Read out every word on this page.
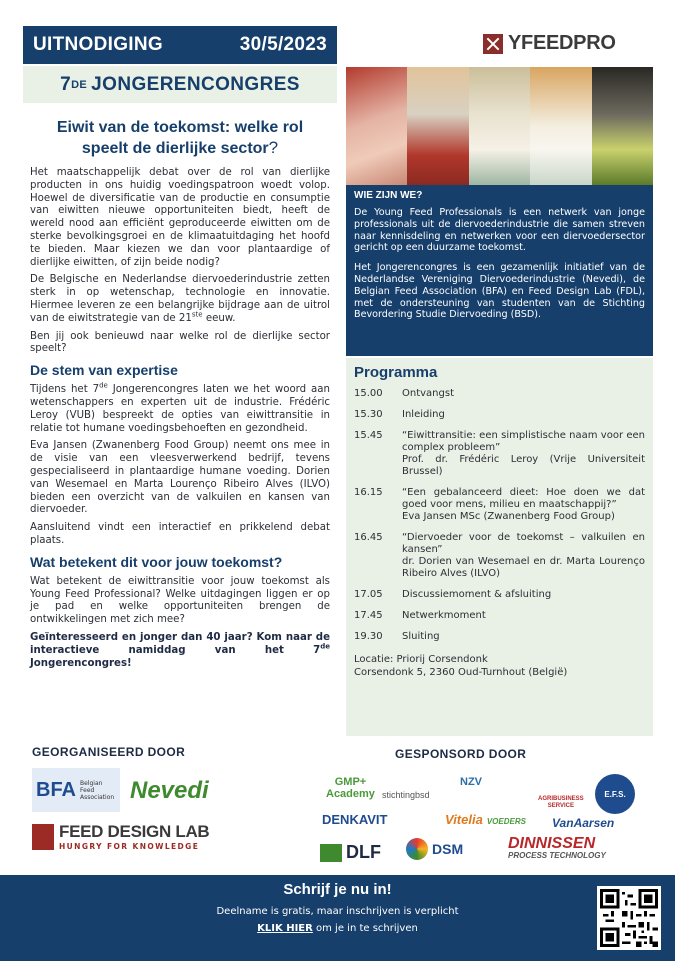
UITNODIGING	30/5/2023	YFEEDPRO
7 DE JONGERENCONGRES
Eiwit van de toekomst: welke rol
speelt de dierlijke sector?

Het maatschappelijk debat over de rol van dierlijke producten in ons huidig voedingspatroon woedt volop. Hoewel de diversificatie van de productie en consumptie van eiwitten nieuwe opportuniteiten biedt, heeft de wereld nood aan efficiënt geproduceerde eiwitten om de sterke bevolkingsgroei en de klimaatuitdaging het hoofd te bieden. Maar kiezen we dan voor plantaardige of dierlijke eiwitten, of zijn beide nodig?

De Belgische en Nederlandse diervoederindustrie zetten sterk in op wetenschap, technologie en innovatie. Hiermee leveren ze een belangrijke bijdrage aan de uitrol van de eiwitstrategie van de 21ste eeuw.

Ben jij ook benieuwd naar welke rol de dierlijke sector speelt?

De stem van expertise

Tijdens het 7de Jongerencongres laten we het woord aan wetenschappers en experten uit de industrie. Frédéric Leroy (VUB) bespreekt de opties van eiwittransitie in relatie tot humane voedingsbehoeften en gezondheid.

Eva Jansen (Zwanenberg Food Group) neemt ons mee in de visie van een vleesverwerkend bedrijf, tevens gespecialiseerd in plantaardige humane voeding. Dorien van Wesemael en Marta Lourenço Ribeiro Alves (ILVO) bieden een overzicht van de valkuilen en kansen van diervoeder.

Aansluitend vindt een interactief en prikkelend debat plaats.

Wat betekent dit voor jouw toekomst?

Wat betekent de eiwittransitie voor jouw toekomst als Young Feed Professional? Welke uitdagingen liggen er op je pad en welke opportuniteiten brengen de ontwikkelingen met zich mee?

Geïnteresseerd en jonger dan 40 jaar? Kom naar de interactieve namiddag van het 7de Jongerencongres!

WIE ZIJN WE?

De Young Feed Professionals is een netwerk van jonge professionals uit de diervoederindustrie die samen streven naar kennisdeling en netwerken voor een diervoedersector gericht op een duurzame toekomst.

Het Jongerencongres is een gezamenlijk initiatief van de Nederlandse Vereniging Diervoederindustrie (Nevedi), de Belgian Feed Association (BFA) en Feed Design Lab (FDL), met de ondersteuning van studenten van de Stichting Bevordering Studie Diervoeding (BSD).

Programma
15.00	Ontvangst
15.30	Inleiding
15.45	“Eiwittransitie: een simplistische naam voor een complex probleem”
Prof. dr. Frédéric Leroy (Vrije Universiteit Brussel)
16.15	“Een gebalanceerd dieet: Hoe doen we dat goed voor mens, milieu en maatschappij?”
Eva Jansen MSc (Zwanenberg Food Group)
16.45	“Diervoeder voor de toekomst – valkuilen en kansen”
dr. Dorien van Wesemael en dr. Marta Lourenço Ribeiro Alves (ILVO)
17.05	Discussiemoment & afsluiting
17.45	Netwerkmoment
19.30	Sluiting
Locatie: Priorij Corsendonk
Corsendonk 5, 2360 Oud-Turnhout (België)
GEORGANISEERD DOOR
BFA Belgian
Feed
Association Nevedi
FEED DESIGN LAB
HUNGRY FOR KNOWLEDGE
GESPONSORD DOOR
GMP+
Academy stichtingbsd
NZV
AGRIBUSINESS
SERVICE
E.F.S.
DENKAVIT	Vitelia VOEDERS VanAarsen
DLF	DSM	DINNISSEN
PROCESS TECHNOLOGY
Schrijf je nu in!
Deelname is gratis, maar inschrijven is verplicht
KLIK HIER om je in te schrijven
